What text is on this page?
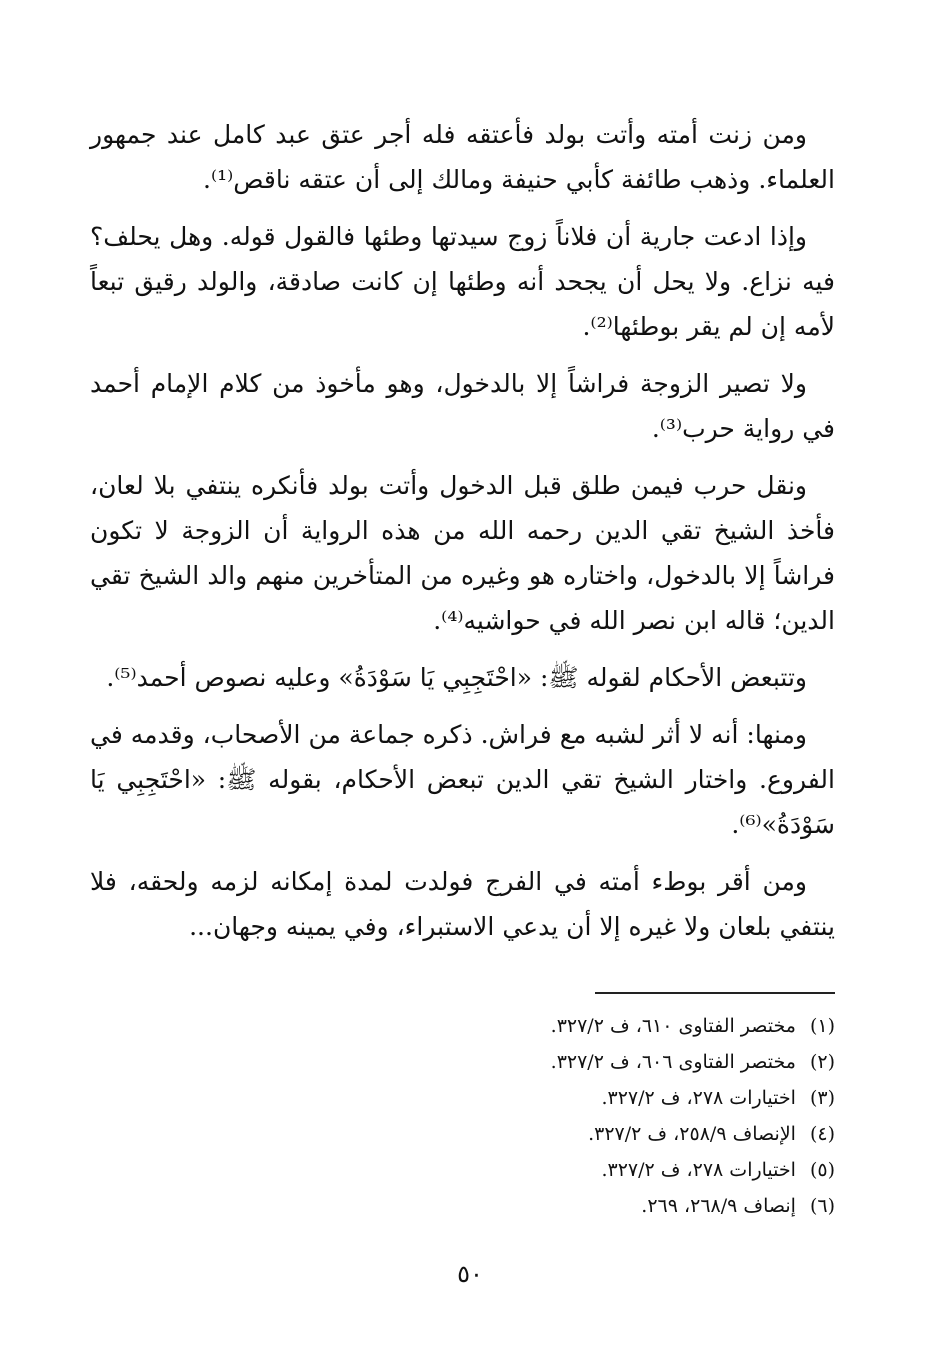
ومن زنت أمته وأتت بولد فأعتقه فله أجر عتق عبد كامل عند جمهور العلماء. وذهب طائفة كأبي حنيفة ومالك إلى أن عتقه ناقص⁽¹⁾.

وإذا ادعت جارية أن فلاناً زوج سيدتها وطئها فالقول قوله. وهل يحلف؟ فيه نزاع. ولا يحل أن يجحد أنه وطئها إن كانت صادقة، والولد رقيق تبعاً لأمه إن لم يقر بوطئها⁽²⁾.

ولا تصير الزوجة فراشاً إلا بالدخول، وهو مأخوذ من كلام الإمام أحمد في رواية حرب⁽³⁾.

ونقل حرب فيمن طلق قبل الدخول وأتت بولد فأنكره ينتفي بلا لعان، فأخذ الشيخ تقي الدين رحمه الله من هذه الرواية أن الزوجة لا تكون فراشاً إلا بالدخول، واختاره هو وغيره من المتأخرين منهم والد الشيخ تقي الدين؛ قاله ابن نصر الله في حواشيه⁽⁴⁾.

وتتبعض الأحكام لقوله ﷺ: «احْتَجِبِي يَا سَوْدَةُ» وعليه نصوص أحمد⁽⁵⁾.

ومنها: أنه لا أثر لشبه مع فراش. ذكره جماعة من الأصحاب، وقدمه في الفروع. واختار الشيخ تقي الدين تبعض الأحكام، بقوله ﷺ: «احْتَجِبِي يَا سَوْدَةُ»⁽⁶⁾.

ومن أقر بوطء أمته في الفرج فولدت لمدة إمكانه لزمه ولحقه، فلا ينتفي بلعان ولا غيره إلا أن يدعي الاستبراء، وفي يمينه وجهان...

(١)مختصر الفتاوى ٦١٠، ف ٣٢٧/٢.
(٢)مختصر الفتاوى ٦٠٦، ف ٣٢٧/٢.
(٣)اختيارات ٢٧٨، ف ٣٢٧/٢.
(٤)الإنصاف ٢٥٨/٩، ف ٣٢٧/٢.
(٥)اختيارات ٢٧٨، ف ٣٢٧/٢.
(٦)إنصاف ٢٦٨/٩، ٢٦٩.
٥٠
